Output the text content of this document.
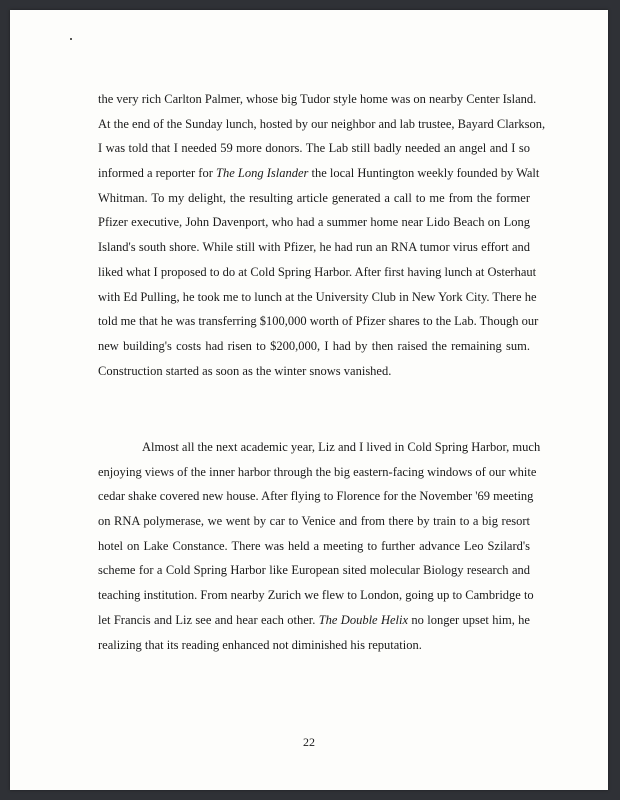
the very rich Carlton Palmer, whose big Tudor style home was on nearby Center Island.
At the end of the Sunday lunch, hosted by our neighbor and lab trustee, Bayard Clarkson,
I was told that I needed 59 more donors. The Lab still badly needed an angel and I so
informed a reporter for The Long Islander the local Huntington weekly founded by Walt
Whitman. To my delight, the resulting article generated a call to me from the former
Pfizer executive, John Davenport, who had a summer home near Lido Beach on Long
Island's south shore. While still with Pfizer, he had run an RNA tumor virus effort and
liked what I proposed to do at Cold Spring Harbor. After first having lunch at Osterhaut
with Ed Pulling, he took me to lunch at the University Club in New York City. There he
told me that he was transferring $100,000 worth of Pfizer shares to the Lab. Though our
new building's costs had risen to $200,000, I had by then raised the remaining sum.
Construction started as soon as the winter snows vanished.
Almost all the next academic year, Liz and I lived in Cold Spring Harbor, much
enjoying views of the inner harbor through the big eastern-facing windows of our white
cedar shake covered new house. After flying to Florence for the November '69 meeting
on RNA polymerase, we went by car to Venice and from there by train to a big resort
hotel on Lake Constance. There was held a meeting to further advance Leo Szilard's
scheme for a Cold Spring Harbor like European sited molecular Biology research and
teaching institution. From nearby Zurich we flew to London, going up to Cambridge to
let Francis and Liz see and hear each other. The Double Helix no longer upset him, he
realizing that its reading enhanced not diminished his reputation.
22
